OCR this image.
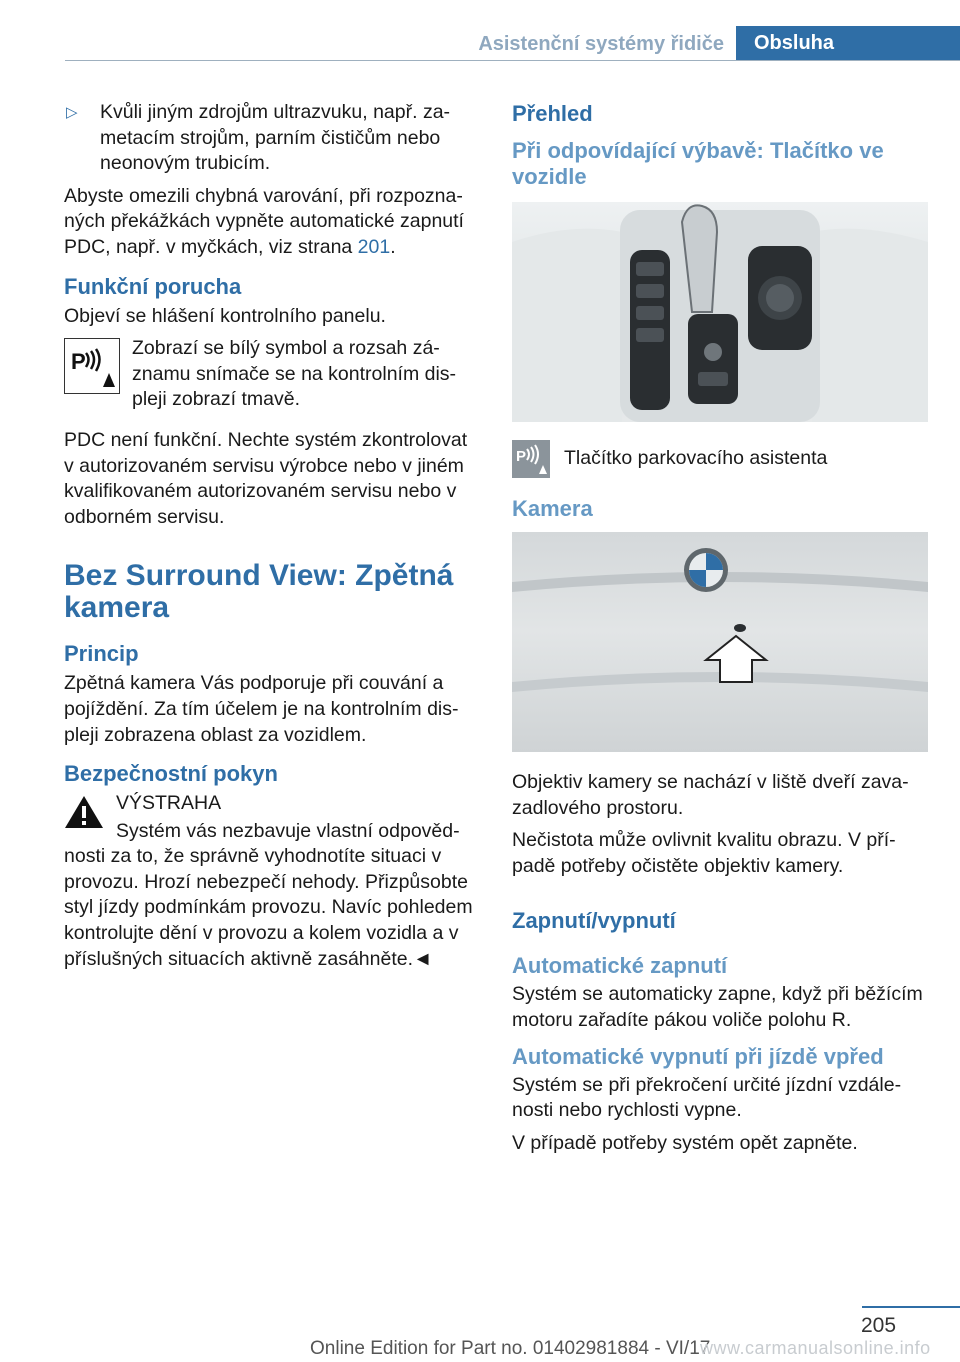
Asistenční systémy řidiče	Obsluha
▷	Kvůli jiným zdrojům ultrazvuku, např. za‐metacím strojům, parním čističům nebo neonovým trubicím.

Abyste omezili chybná varování, při rozpozna‐ných překážkách vypněte automatické zapnutí PDC, např. v myčkách, viz strana 201.

Funkční porucha

Objeví se hlášení kontrolního panelu.

P

Zobrazí se bílý symbol a rozsah zá‐znamu snímače se na kontrolním dis‐pleji zobrazí tmavě.

PDC není funkční. Nechte systém zkontrolovat v autorizovaném servisu výrobce nebo v jiném kvalifikovaném autorizovaném servisu nebo v odborném servisu.

Bez Surround View: Zpětná kamera
Princip

Zpětná kamera Vás podporuje při couvání a pojíždění. Za tím účelem je na kontrolním dis‐pleji zobrazena oblast za vozidlem.

Bezpečnostní pokyn

VÝSTRAHA

Systém vás nezbavuje vlastní odpověd‐

nosti za to, že správně vyhodnotíte situaci v provozu. Hrozí nebezpečí nehody. Přizpůsobte styl jízdy podmínkám provozu. Navíc pohledem kontrolujte dění v provozu a kolem vozidla a v příslušných situacích aktivně zasáhněte.◄

Přehled
Při odpovídající výbavě: Tlačítko ve vozidle
P Tlačítko parkovacího asistenta

Kamera

Objektiv kamery se nachází v liště dveří zava‐zadlového prostoru.

Nečistota může ovlivnit kvalitu obrazu. V pří‐padě potřeby očistěte objektiv kamery.

Zapnutí/vypnutí
Automatické zapnutí

Systém se automaticky zapne, když při běžícím motoru zařadíte pákou voliče polohu R.

Automatické vypnutí při jízdě vpřed

Systém se při překročení určité jízdní vzdále‐nosti nebo rychlosti vypne.

V případě potřeby systém opět zapněte.

205
Online Edition for Part no. 01402981884 - VI/17
www.carmanualsonline.info
